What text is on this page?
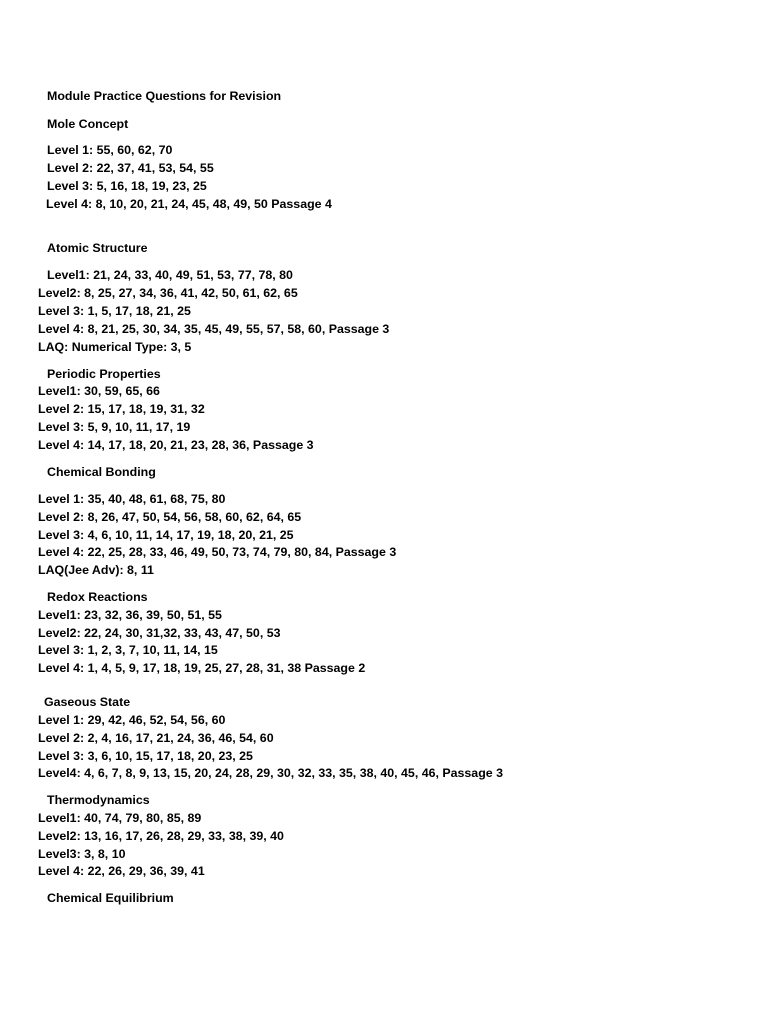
Module Practice Questions for Revision
Mole Concept
Level 1: 55, 60, 62, 70
Level 2: 22, 37, 41, 53, 54, 55
Level 3: 5, 16, 18, 19, 23, 25
Level 4: 8, 10, 20, 21, 24, 45, 48, 49, 50 Passage 4
Atomic Structure
Level1: 21, 24, 33, 40, 49, 51, 53, 77, 78, 80
Level2: 8, 25, 27, 34, 36, 41, 42, 50, 61, 62, 65
Level 3: 1, 5, 17, 18, 21, 25
Level 4: 8, 21, 25, 30, 34, 35, 45, 49, 55, 57, 58, 60, Passage 3
LAQ: Numerical Type: 3, 5
Periodic Properties
Level1: 30, 59, 65, 66
Level 2: 15, 17, 18, 19, 31, 32
Level 3: 5, 9, 10, 11, 17, 19
Level 4: 14, 17, 18, 20, 21, 23, 28, 36, Passage 3
Chemical Bonding
Level 1: 35, 40, 48, 61, 68, 75, 80
Level 2: 8, 26, 47, 50, 54, 56, 58, 60, 62, 64, 65
Level 3: 4, 6, 10, 11, 14, 17, 19, 18, 20, 21, 25
Level 4: 22, 25, 28, 33, 46, 49, 50, 73, 74, 79, 80, 84, Passage 3
LAQ(Jee Adv): 8, 11
Redox Reactions
Level1: 23, 32, 36, 39, 50, 51, 55
Level2: 22, 24, 30, 31,32, 33, 43, 47, 50, 53
Level 3: 1, 2, 3, 7, 10, 11, 14, 15
Level 4: 1, 4, 5, 9, 17, 18, 19, 25, 27, 28, 31, 38 Passage 2
Gaseous State
Level 1: 29, 42, 46, 52, 54, 56, 60
Level 2: 2, 4, 16, 17, 21, 24, 36, 46, 54, 60
Level 3: 3, 6, 10, 15, 17, 18, 20, 23, 25
Level4: 4, 6, 7, 8, 9, 13, 15, 20, 24, 28, 29, 30, 32, 33, 35, 38, 40, 45, 46, Passage 3
Thermodynamics
Level1: 40, 74, 79, 80, 85, 89
Level2: 13, 16, 17, 26, 28, 29, 33, 38, 39, 40
Level3: 3, 8, 10
Level 4: 22, 26, 29, 36, 39, 41
Chemical Equilibrium
